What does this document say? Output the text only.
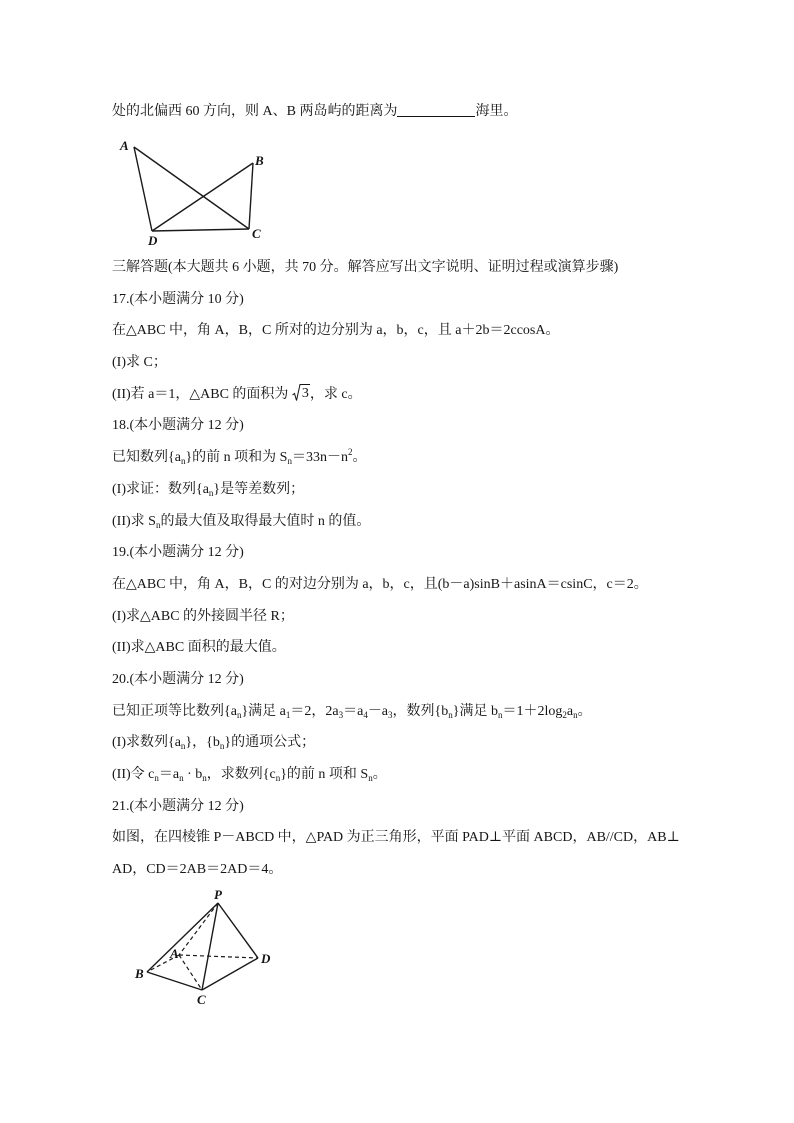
处的北偏西 60 方向，则 A、B 两岛屿的距离为	海里。
A
B
C
D
三解答题(本大题共 6 小题，共 70 分。解答应写出文字说明、证明过程或演算步骤)
17.(本小题满分 10 分)
在△ABC 中，角 A，B，C 所对的边分别为 a，b，c，且 a＋2b＝2ccosA。
(I)求 C；
(II)若 a＝1，△ABC 的面积为 3 ，求 c。
18.(本小题满分 12 分)
已知数列$\{a_n\}$的前 n 项和为 $S_n=33n-n^2$。
(I)求证：数列$\{a_n\}$是等差数列；
(II)求 $S_n$的最大值及取得最大值时 n 的值。
19.(本小题满分 12 分)
在△ABC 中，角 A，B，C 的对边分别为 a，b，c，且(b－a)sinB＋asinA＝csinC，c＝2。
(I)求△ABC 的外接圆半径 R；
(II)求△ABC 面积的最大值。
20.(本小题满分 12 分)
已知正项等比数列$\{a_n\}$满足 $a_1=2$，$2a_3=a_4-a_3$，数列$\{b_n\}$满足 $b_n=1+2\log_2a_n$。
(I)求数列$\{a_n\}$，$\{b_n\}$的通项公式；
(II)令 $c_n=a_n \cdot b_n$，求数列$\{c_n\}$的前 n 项和 $S_n$。
21.(本小题满分 12 分)
如图，在四棱锥 P－ABCD 中，△PAD 为正三角形，平面 PAD⊥平面 ABCD，AB//CD，AB⊥
AD，CD＝2AB＝2AD＝4。
P
A
B
C
D
